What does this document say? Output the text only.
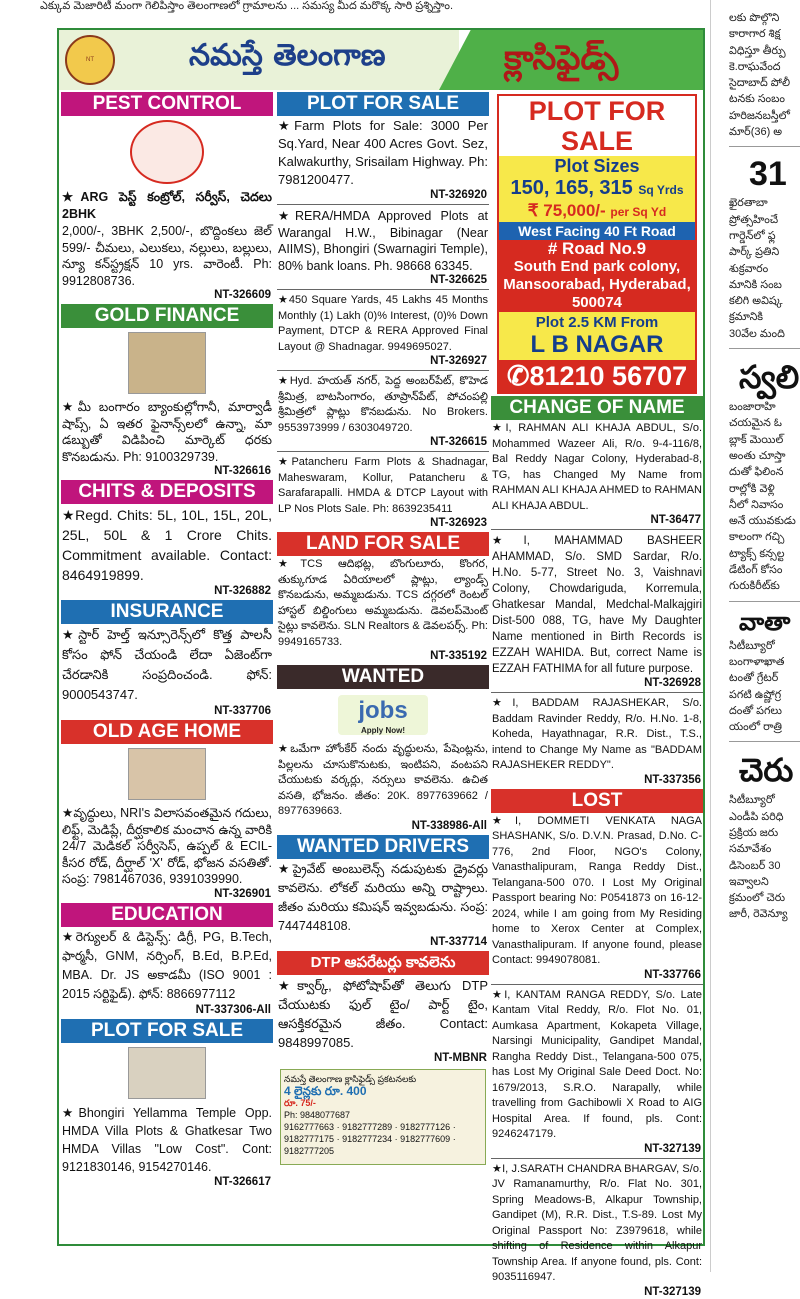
ఎక్కువ మెజారిటీ మంగా గెలిపిస్తాం తెలంగాణలో గ్రామాలను ... సమస్య మీద మరొక్క సారి ప్రశ్నిస్తాం.
NT	నమస్తే తెలంగాణ	క్లాసిఫైడ్స్
PEST CONTROL
★ARG పెస్ట్ కంట్రోల్, సర్వీస్, చెదలు 2BHK
2,000/-, 3BHK 2,500/-, బొద్దింకలు జెల్ 599/- చీమలు, ఎలుకలు, నల్లులు, బల్లులు, న్యూ కన్‌స్ట్రక్షన్ 10 yrs. వారెంటీ. Ph: 9912808736.
NT-326609
GOLD FINANCE
★మీ బంగారం బ్యాంకుల్లోగానీ, మార్వాడీ షాప్స్, ఏ ఇతర ఫైనాన్స్‌లలో ఉన్నా, మా డబ్బుతో విడిపించి మార్కెట్ ధరకు కొనబడును. Ph: 9100329739.
NT-326616
CHITS & DEPOSITS
★Regd. Chits: 5L, 10L, 15L, 20L, 25L, 50L & 1 Crore Chits. Commitment available. Contact: 8464919899.
NT-326882
INSURANCE
★స్టార్ హెల్త్ ఇన్సూరెన్స్‌లో కొత్త పాలసీ కోసం ఫోన్ చేయండి లేదా ఏజెంట్‌గా చేరడానికి సంప్రదించండి. ఫోన్: 9000543747.
NT-337706
OLD AGE HOME
★వృద్ధులు, NRI's విలాసవంతమైన గదులు, లిఫ్ట్, మెడిప్లే, దీర్ఘకాలిక మంచాన ఉన్న వారికి 24/7 మెడికల్ సర్వీసెస్, ఉప్పల్ & ECIL- కీసర రోడ్, దీర్ఘాల్ 'X' రోడ్, భోజన వసతితో. సంప్ర: 7981467036, 9391039990.
NT-326901
EDUCATION
★రెగ్యులర్ & డిస్టెన్స్: డిగ్రీ, PG, B.Tech, ఫార్మసీ, GNM, నర్సింగ్, B.Ed, B.P.Ed, MBA. Dr. JS అకాడమీ (ISO 9001 : 2015 సర్టిఫైడ్). ఫోన్: 8866977112
NT-337306-All
PLOT FOR SALE
★Bhongiri Yellamma Temple Opp. HMDA Villa Plots & Ghatkesar Two HMDA Villas "Low Cost". Cont: 9121830146, 9154270146.
NT-326617
PLOT FOR SALE
★Farm Plots for Sale: 3000 Per Sq.Yard, Near 400 Acres Govt. Sez, Kalwakurthy, Srisailam Highway. Ph: 7981200477.
NT-326920
★RERA/HMDA Approved Plots at Warangal H.W., Bibinagar (Near AIIMS), Bhongiri (Swarnagiri Temple), 80% bank loans. Ph. 98668 63345.
NT-326625
★450 Square Yards, 45 Lakhs 45 Months Monthly (1) Lakh (0)% Interest, (0)% Down Payment, DTCP & RERA Approved Final Layout @ Shadnagar. 9949695027.
NT-326927
★Hyd. హయత్ నగర్, పెద్ద అంబర్‌పేట్, కొహెడ శ్రీమిత్ర, బాటసింగారం, తూప్రాన్‌పేట్, పోచంపల్లి శ్రీమిత్రలో ప్లాట్లు కొనబడును. No Brokers. 9553973999 / 6303049720.
NT-326615
★Patancheru Farm Plots & Shadnagar, Maheswaram, Kollur, Patancheru & Sarafarapalli. HMDA & DTCP Layout with LP Nos Plots Sale. Ph: 8639235411
NT-326923
LAND FOR SALE
★TCS ఆదిభట్ల, బొంగులూరు, కొంగర, తుక్కుగూడ ఏరియాలలో ప్లాట్లు, ల్యాండ్స్ కొనబడును, అమ్మబడును. TCS దగ్గరలో రెంటల్ హాస్టల్ బిల్డింగులు అమ్మబడును. డెవలప్‌మెంట్ సైట్లు కావలెను. SLN Realtors & డెవలపర్స్. Ph: 9949165733.
NT-335192
WANTED
jobs
Apply Now!
★ఒమేగా హోంకేర్ నందు వృద్ధులను, పేషెంట్లను, పిల్లలను చూసుకొనుటకు, ఇంటిపని, వంటపని చేయుటకు వర్కర్లు, నర్సులు కావలెను. ఉచిత వసతి, భోజనం. జీతం: 20K. 8977639662 / 8977639663.
NT-338986-All
WANTED DRIVERS
★ప్రైవేట్ అంబులెన్స్ నడుపుటకు డ్రైవర్లు కావలెను. లోకల్ మరియు అన్ని రాష్ట్రాలు. జీతం మరియు కమిషన్ ఇవ్వబడును. సంప్ర: 7447448108.
NT-337714
DTP ఆపరేటర్లు కావలెను
★క్వార్క్, ఫోటోషాప్‌తో తెలుగు DTP చేయుటకు ఫుల్ టైం/ పార్ట్ టైం, ఆసక్తికరమైన జీతం. Contact: 9848997085.
NT-MBNR
నమస్తే తెలంగాణ క్లాసిఫైడ్స్ ప్రకటనలకు
4 లైన్లకు రూ. 400
రూ. 75/-
Ph: 9848077687
9162777663 · 9182777289 · 9182777126 · 9182777175 · 9182777234 · 9182777609 · 9182777205
PLOT FOR SALE
Plot Sizes
150, 165, 315 Sq Yrds
₹ 75,000/- per Sq Yd
West Facing 40 Ft Road
# Road No.9
South End park colony, Mansoorabad, Hyderabad, 500074
Plot 2.5 KM From
L B NAGAR
✆81210 56707
CHANGE OF NAME
★I, RAHMAN ALI KHAJA ABDUL, S/o. Mohammed Wazeer Ali, R/o. 9-4-116/8, Bal Reddy Nagar Colony, Hyderabad-8, TG, has Changed My Name from RAHMAN ALI KHAJA AHMED to RAHMAN ALI KHAJA ABDUL.
NT-36477
★I, MAHAMMAD BASHEER AHAMMAD, S/o. SMD Sardar, R/o. H.No. 5-77, Street No. 3, Vaishnavi Colony, Chowdariguda, Korremula, Ghatkesar Mandal, Medchal-Malkajgiri Dist-500 088, TG, have My Daughter Name mentioned in Birth Records is EZZAH WAHIDA. But, correct Name is EZZAH FATHIMA for all future purpose.
NT-326928
★I, BADDAM RAJASHEKAR, S/o. Baddam Ravinder Reddy, R/o. H.No. 1-8, Koheda, Hayathnagar, R.R. Dist., T.S., intend to Change My Name as "BADDAM RAJASHEKER REDDY".
NT-337356
LOST
★I, DOMMETI VENKATA NAGA SHASHANK, S/o. D.V.N. Prasad, D.No. C-776, 2nd Floor, NGO's Colony, Vanasthalipuram, Ranga Reddy Dist., Telangana-500 070. I Lost My Original Passport bearing No: P0541873 on 16-12-2024, while I am going from My Residing home to Xerox Center at Complex, Vanasthalipuram. If anyone found, please Contact: 9949078081.
NT-337766
★I, KANTAM RANGA REDDY, S/o. Late Kantam Vital Reddy, R/o. Flot No. 01, Aumkasa Apartment, Kokapeta Village, Narsingi Municipality, Gandipet Mandal, Rangha Reddy Dist., Telangana-500 075, has Lost My Original Sale Deed Doct. No: 1679/2013, S.R.O. Narapally, while travelling from Gachibowli X Road to AIG Hospital Area. If found, pls. Cont: 9246247179.
NT-327139
★I, J.SARATH CHANDRA BHARGAV, S/o. JV Ramanamurthy, R/o. Flat No. 301, Spring Meadows-B, Alkapur Township, Gandipet (M), R.R. Dist., T.S-89. Lost My Original Passport No: Z3979618, while shifting of Residence within Alkapur Township Area. If anyone found, pls. Cont: 9035116947.
NT-327139
లకు పొల్గొని
కారాగార శిక్ష
విధిస్తూ తీర్పు
కె.రాఘవేంద
సైదాబాద్ పోలీ
టనకు సంబం
హరిజనబస్తీలో
మార్(36) అ
31
ఖైరతాబా
ప్రోత్సహించే
గార్డెన్‌లో ఫ్ల
పార్క్ ప్రతిని
శుక్రవారం
మానికి సంబ
కలిగి అవిష్క
క్రమానికి
30వేల మంది
స్వలి
బంజారాహి
చయమైన ఓ
బ్లాక్ మెయిల్
అంతు చూస్తా
దుతో ఫిలింన
రాల్లోకి వెళ్లి
నీలో నివాసం
అనే యువకుడు
కాలంగా గచ్చి
ట్యాక్స్ కన్సల్ట
డేటింగ్ కోసం
గురుకిరీట్‌కు
వాతా
సిటీబ్యూరో
బంగాళాఖాత
టంతో గ్రేటర్
పగటి ఉష్ణోగ్ర
దంతో పగలు
యంలో రాత్రి
చెరు
సిటీబ్యూరో
ఎండీపి పరిధి
ప్రక్రియ జరు
సమావేశం
డిసెంబర్ 30
ఇవ్వాలని
క్రమంలో చెరు
జారీ, రెవెన్యూ
